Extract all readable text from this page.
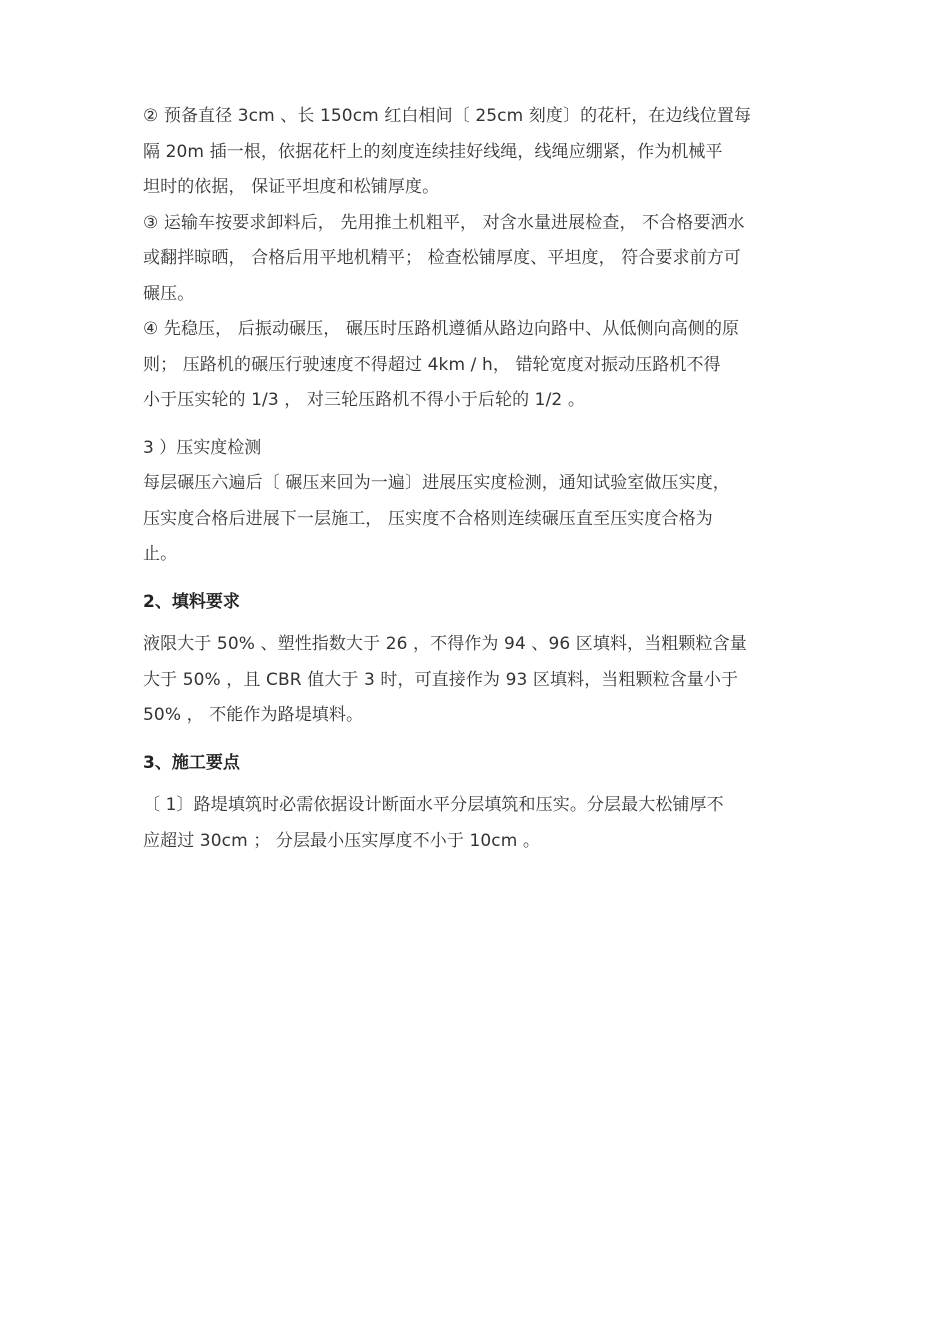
② 预备直径 3cm 、长 150cm 红白相间〔 25cm 刻度〕的花杆，在边线位置每
隔 20m 插一根，依据花杆上的刻度连续挂好线绳，线绳应绷紧，作为机械平
坦时的依据， 保证平坦度和松铺厚度。

③ 运输车按要求卸料后， 先用推土机粗平， 对含水量进展检查， 不合格要洒水
或翻拌晾晒， 合格后用平地机精平； 检查松铺厚度、平坦度， 符合要求前方可
碾压。

④ 先稳压， 后振动碾压， 碾压时压路机遵循从路边向路中、从低侧向高侧的原
则； 压路机的碾压行驶速度不得超过 4km / h， 错轮宽度对振动压路机不得
小于压实轮的 1/3 ， 对三轮压路机不得小于后轮的 1/2 。

3 ）压实度检测

每层碾压六遍后〔 碾压来回为一遍〕进展压实度检测，通知试验室做压实度，
压实度合格后进展下一层施工， 压实度不合格则连续碾压直至压实度合格为
止。

2、填料要求

液限大于 50% 、塑性指数大于 26 ，不得作为 94 、96 区填料，当粗颗粒含量
大于 50% ，且 CBR 值大于 3 时，可直接作为 93 区填料，当粗颗粒含量小于
50% ， 不能作为路堤填料。

3、施工要点

〔 1〕路堤填筑时必需依据设计断面水平分层填筑和压实。分层最大松铺厚不
应超过 30cm ； 分层最小压实厚度不小于 10cm 。
